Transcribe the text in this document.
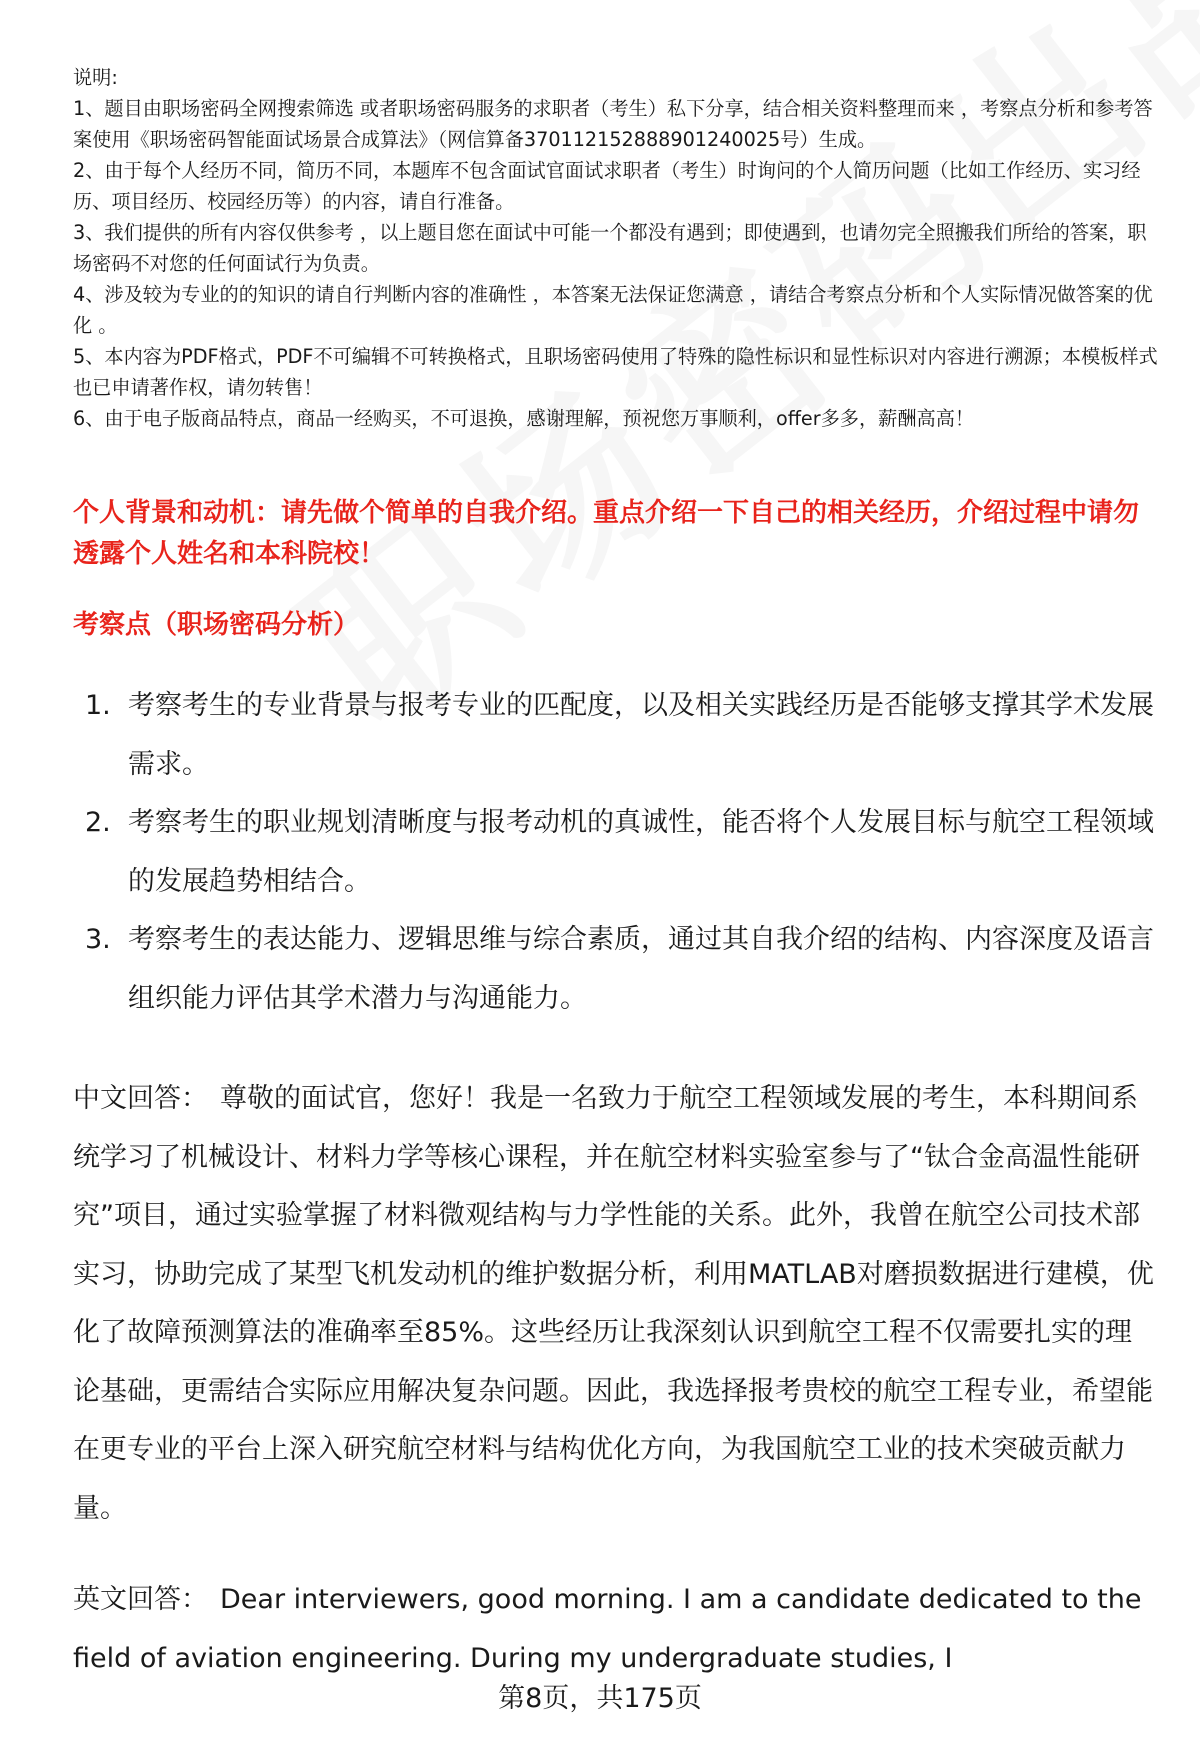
说明:

1、题目由职场密码全网搜索筛选 或者职场密码服务的求职者（考生）私下分享，结合相关资料整理而来 ，考察点分析和参考答案使用《职场密码智能面试场景合成算法》（网信算备370112152888901240025号）生成。

2、由于每个人经历不同，简历不同，本题库不包含面试官面试求职者（考生）时询问的个人简历问题（比如工作经历、实习经历、项目经历、校园经历等）的内容，请自行准备。

3、我们提供的所有内容仅供参考 ，以上题目您在面试中可能一个都没有遇到；即使遇到，也请勿完全照搬我们所给的答案，职场密码不对您的任何面试行为负责。

4、涉及较为专业的的知识的请自行判断内容的准确性 ，本答案无法保证您满意 ，请结合考察点分析和个人实际情况做答案的优化 。

5、本内容为PDF格式，PDF不可编辑不可转换格式，且职场密码使用了特殊的隐性标识和显性标识对内容进行溯源；本模板样式也已申请著作权，请勿转售！

6、由于电子版商品特点，商品一经购买，不可退换，感谢理解，预祝您万事顺利，offer多多，薪酬高高！

个人背景和动机：请先做个简单的自我介绍。重点介绍一下自己的相关经历，介绍过程中请勿透露个人姓名和本科院校！
考察点（职场密码分析）
1. 考察考生的专业背景与报考专业的匹配度，以及相关实践经历是否能够支撑其学术发展需求。
2. 考察考生的职业规划清晰度与报考动机的真诚性，能否将个人发展目标与航空工程领域的发展趋势相结合。
3. 考察考生的表达能力、逻辑思维与综合素质，通过其自我介绍的结构、内容深度及语言组织能力评估其学术潜力与沟通能力。

中文回答： 尊敬的面试官，您好！我是一名致力于航空工程领域发展的考生，本科期间系统学习了机械设计、材料力学等核心课程，并在航空材料实验室参与了“钛合金高温性能研究”项目，通过实验掌握了材料微观结构与力学性能的关系。此外，我曾在航空公司技术部实习，协助完成了某型飞机发动机的维护数据分析，利用MATLAB对磨损数据进行建模，优化了故障预测算法的准确率至85%。这些经历让我深刻认识到航空工程不仅需要扎实的理论基础，更需结合实际应用解决复杂问题。因此，我选择报考贵校的航空工程专业，希望能在更专业的平台上深入研究航空材料与结构优化方向，为我国航空工业的技术突破贡献力量。

英文回答： Dear interviewers, good morning. I am a candidate dedicated to the field of aviation engineering. During my undergraduate studies, I

第8页，共175页
